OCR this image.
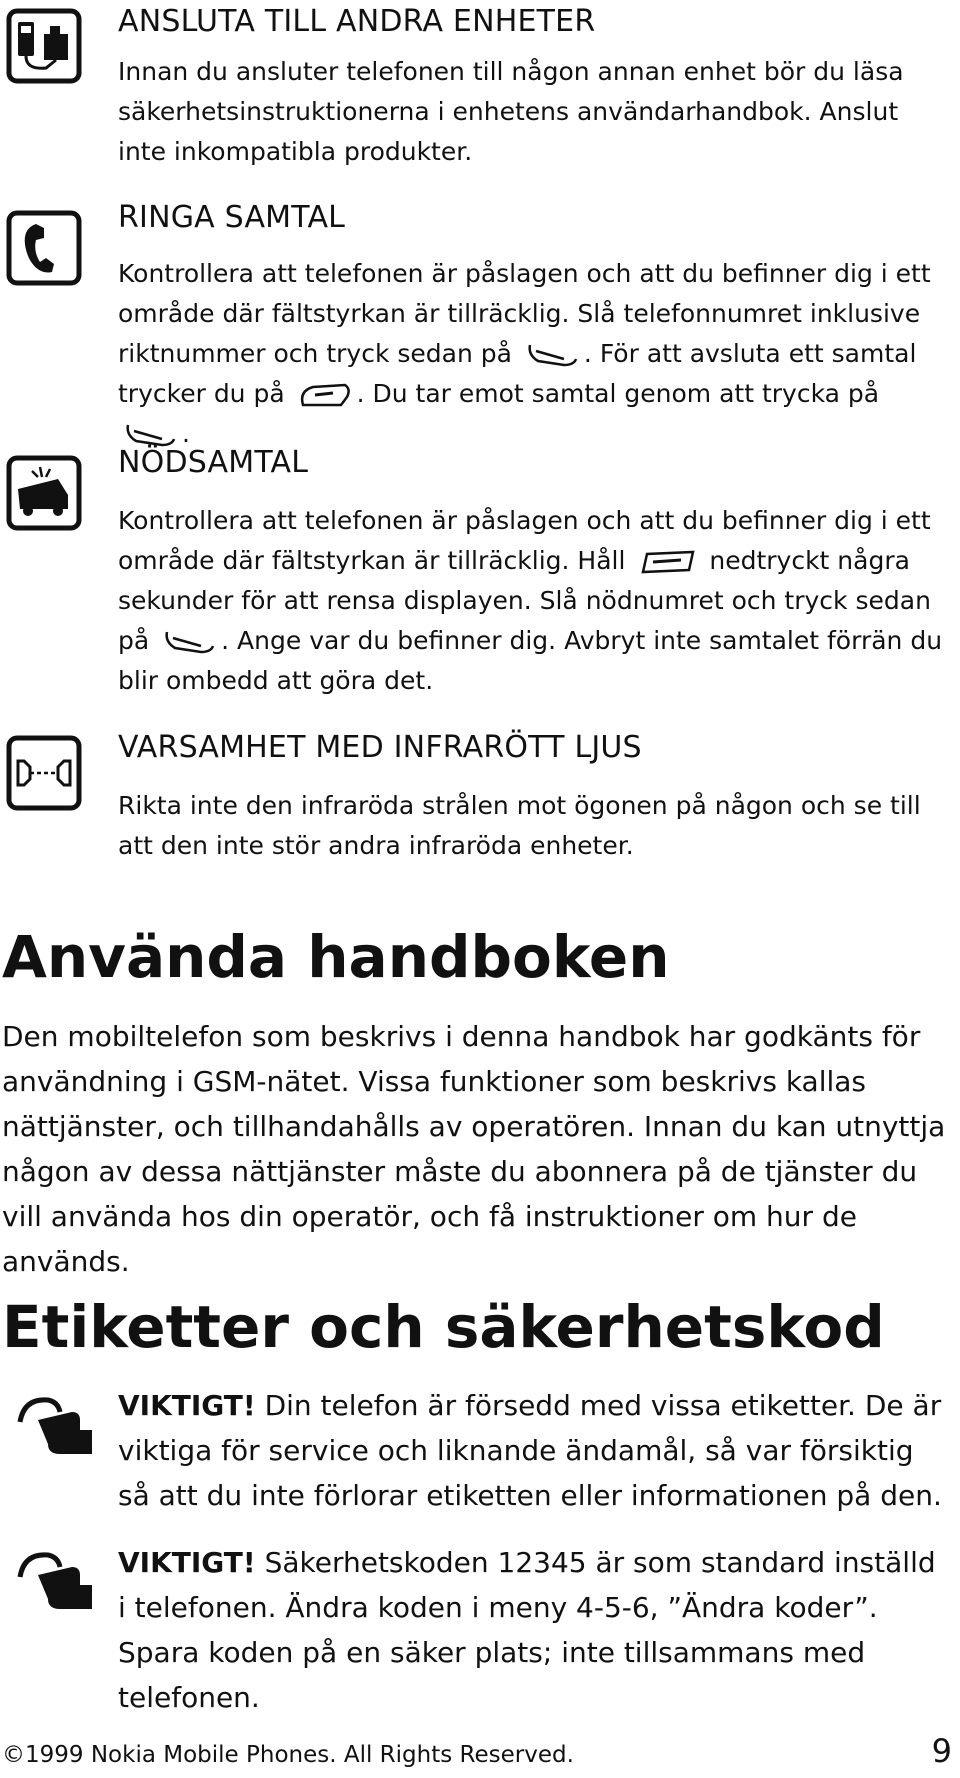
ANSLUTA TILL ANDRA ENHETER

Innan du ansluter telefonen till någon annan enhet bör du läsa säkerhetsinstruktionerna i enhetens användarhandbok. Anslut inte inkompatibla produkter.

RINGA SAMTAL

Kontrollera att telefonen är påslagen och att du befinner dig i ett område där fältstyrkan är tillräcklig. Slå telefonnumret inklusive riktnummer och tryck sedan på	. För att avsluta ett samtal trycker du på	. Du tar emot samtal genom att trycka på
.

NÖDSAMTAL

Kontrollera att telefonen är påslagen och att du befinner dig i ett område där fältstyrkan är tillräcklig. Håll	nedtryckt några sekunder för att rensa displayen. Slå nödnumret och tryck sedan på	. Ange var du befinner dig. Avbryt inte samtalet förrän du blir ombedd att göra det.

VARSAMHET MED INFRARÖTT LJUS

Rikta inte den infraröda strålen mot ögonen på någon och se till att den inte stör andra infraröda enheter.

Använda handboken

Den mobiltelefon som beskrivs i denna handbok har godkänts för användning i GSM-nätet. Vissa funktioner som beskrivs kallas nättjänster, och tillhandahålls av operatören. Innan du kan utnyttja någon av dessa nättjänster måste du abonnera på de tjänster du vill använda hos din operatör, och få instruktioner om hur de används.

Etiketter och säkerhetskod

VIKTIGT! Din telefon är försedd med vissa etiketter. De är viktiga för service och liknande ändamål, så var försiktig så att du inte förlorar etiketten eller informationen på den.

VIKTIGT! Säkerhetskoden 12345 är som standard inställd i telefonen. Ändra koden i meny 4-5-6, ”Ändra koder”. Spara koden på en säker plats; inte tillsammans med telefonen.

©1999 Nokia Mobile Phones. All Rights Reserved.	9
